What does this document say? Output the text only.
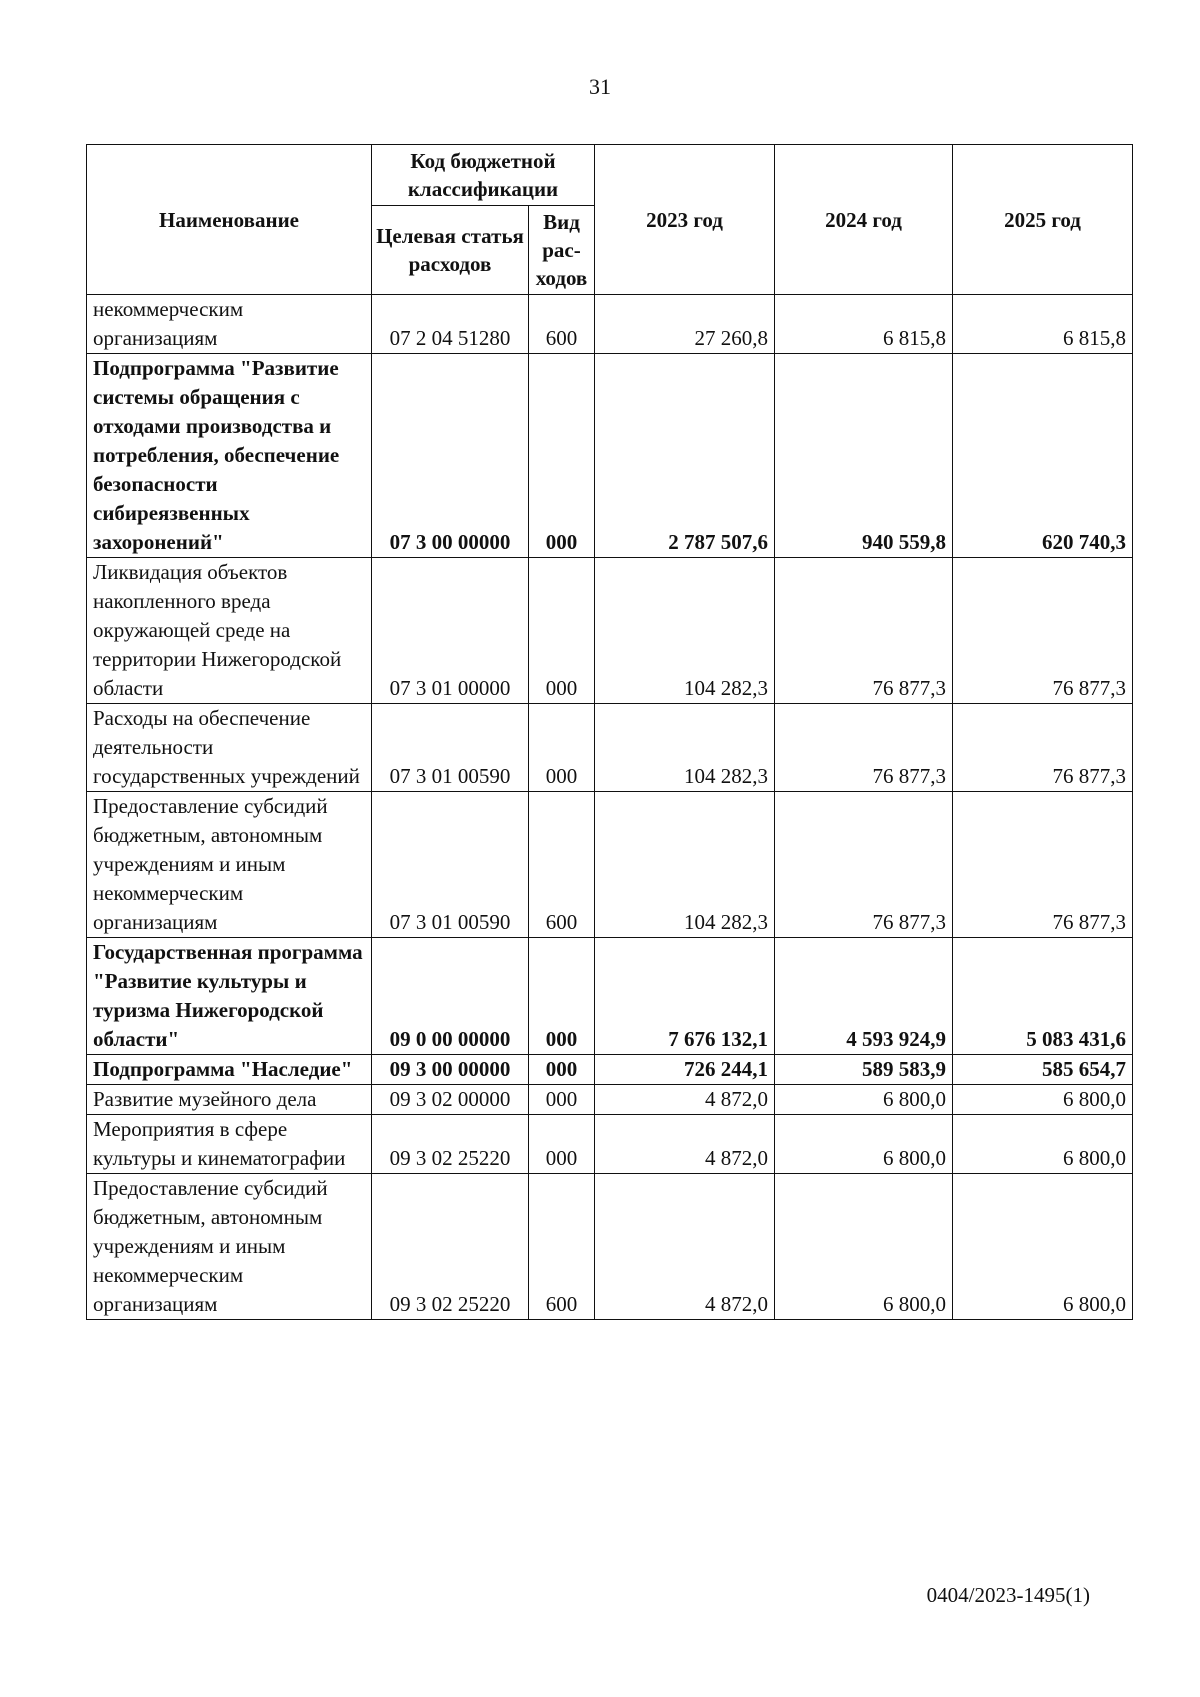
31
Наименование	Код бюджетной классификации		2023 год	2024 год	2025 год
	Целевая статья расходов	Вид рас-ходов			
некоммерческим организациям	07 2 04 51280	600	27 260,8	6 815,8	6 815,8
Подпрограмма "Развитие системы обращения с отходами производства и потребления, обеспечение безопасности сибиреязвенных захоронений"	07 3 00 00000	000	2 787 507,6	940 559,8	620 740,3
Ликвидация объектов накопленного вреда окружающей среде на территории Нижегородской области	07 3 01 00000	000	104 282,3	76 877,3	76 877,3
Расходы на обеспечение деятельности государственных учреждений	07 3 01 00590	000	104 282,3	76 877,3	76 877,3
Предоставление субсидий бюджетным, автономным учреждениям и иным некоммерческим организациям	07 3 01 00590	600	104 282,3	76 877,3	76 877,3
Государственная программа "Развитие культуры и туризма Нижегородской области"	09 0 00 00000	000	7 676 132,1	4 593 924,9	5 083 431,6
Подпрограмма "Наследие"	09 3 00 00000	000	726 244,1	589 583,9	585 654,7
Развитие музейного дела	09 3 02 00000	000	4 872,0	6 800,0	6 800,0
Мероприятия в сфере культуры и кинематографии	09 3 02 25220	000	4 872,0	6 800,0	6 800,0
Предоставление субсидий бюджетным, автономным учреждениям и иным некоммерческим организациям	09 3 02 25220	600	4 872,0	6 800,0	6 800,0
0404/2023-1495(1)
